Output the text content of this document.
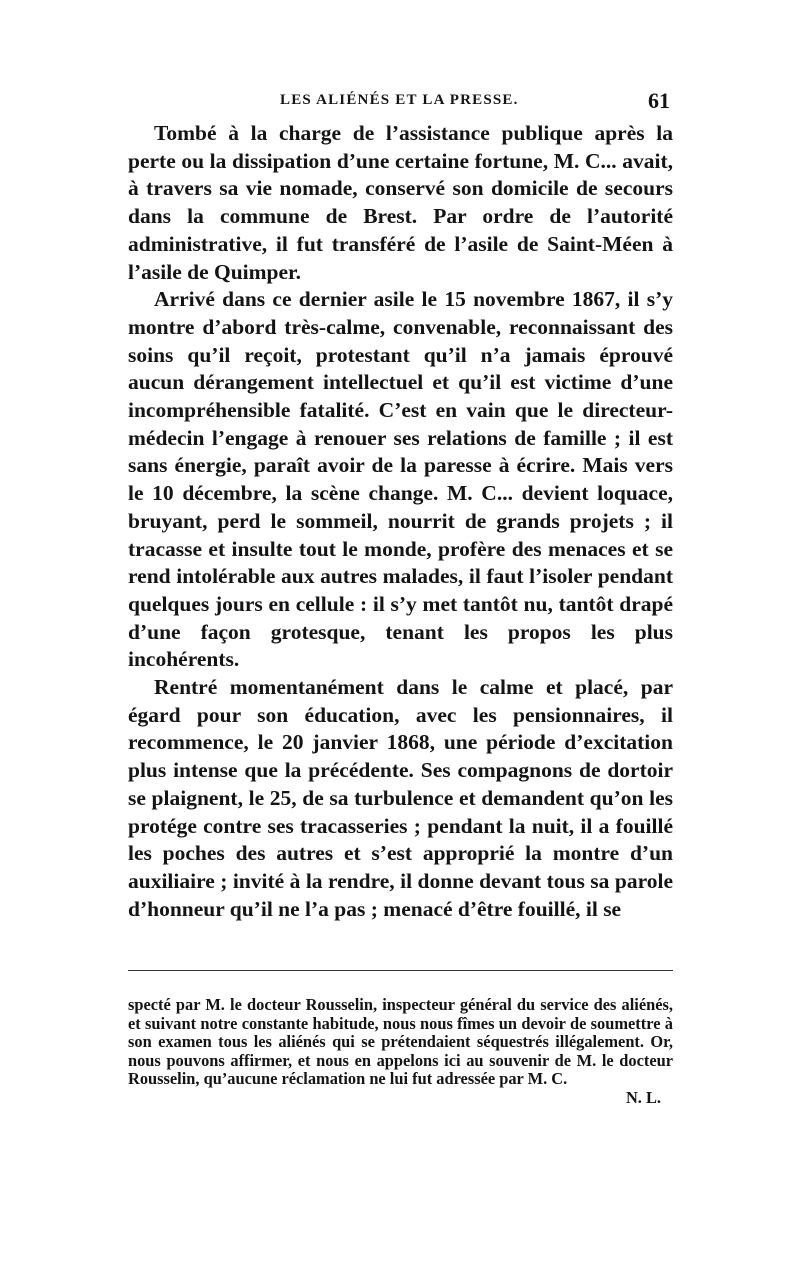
LES ALIÉNÉS ET LA PRESSE.	61

Tombé à la charge de l’assistance publique après la perte ou la dissipation d’une certaine fortune, M. C... avait, à travers sa vie nomade, conservé son domicile de secours dans la commune de Brest. Par ordre de l’autorité administrative, il fut transféré de l’asile de Saint-Méen à l’asile de Quimper.

Arrivé dans ce dernier asile le 15 novembre 1867, il s’y montre d’abord très-calme, convenable, reconnaissant des soins qu’il reçoit, protestant qu’il n’a jamais éprouvé aucun dérangement intellectuel et qu’il est victime d’une incompréhensible fatalité. C’est en vain que le directeur-médecin l’engage à renouer ses relations de famille ; il est sans énergie, paraît avoir de la paresse à écrire. Mais vers le 10 décembre, la scène change. M. C... devient loquace, bruyant, perd le sommeil, nourrit de grands projets ; il tracasse et insulte tout le monde, profère des menaces et se rend intolérable aux autres malades, il faut l’isoler pendant quelques jours en cellule : il s’y met tantôt nu, tantôt drapé d’une façon grotesque, tenant les propos les plus incohérents.

Rentré momentanément dans le calme et placé, par égard pour son éducation, avec les pensionnaires, il recommence, le 20 janvier 1868, une période d’excitation plus intense que la précédente. Ses compagnons de dortoir se plaignent, le 25, de sa turbulence et demandent qu’on les protége contre ses tracasseries ; pendant la nuit, il a fouillé les poches des autres et s’est approprié la montre d’un auxiliaire ; invité à la rendre, il donne devant tous sa parole d’honneur qu’il ne l’a pas ; menacé d’être fouillé, il se

specté par M. le docteur Rousselin, inspecteur général du service des aliénés, et suivant notre constante habitude, nous nous fîmes un devoir de soumettre à son examen tous les aliénés qui se prétendaient séquestrés illégalement. Or, nous pouvons affirmer, et nous en appelons ici au souvenir de M. le docteur Rousselin, qu’aucune réclamation ne lui fut adressée par M. C.
N. L.
